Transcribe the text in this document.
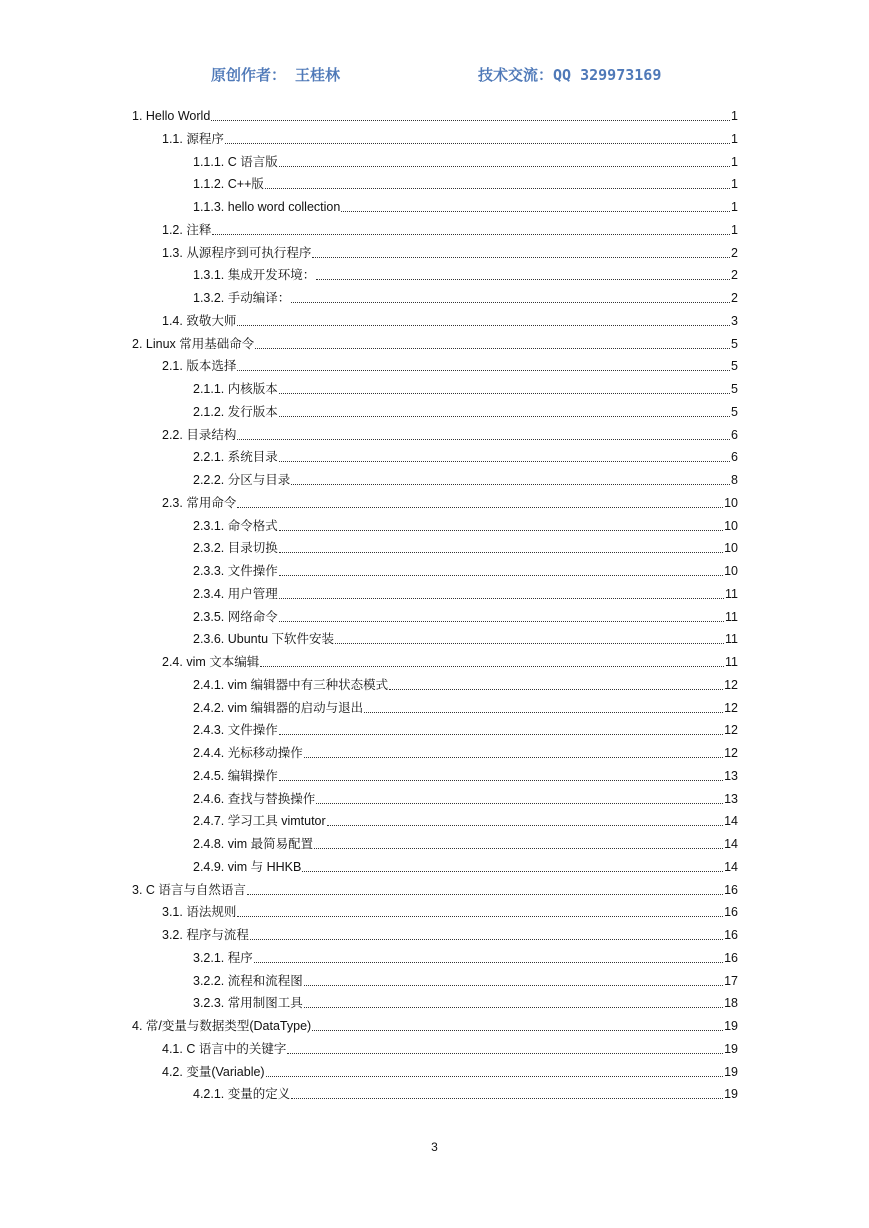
原创作者： 王桂林	技术交流：QQ 329973169
1. Hello World	1
1.1. 源程序	1
1.1.1. C 语言版	1
1.1.2. C++版	1
1.1.3. hello word collection	1
1.2. 注释	1
1.3. 从源程序到可执行程序	2
1.3.1. 集成开发环境：	2
1.3.2. 手动编译：	2
1.4. 致敬大师	3
2. Linux 常用基础命令	5
2.1. 版本选择	5
2.1.1. 内核版本	5
2.1.2. 发行版本	5
2.2. 目录结构	6
2.2.1. 系统目录	6
2.2.2. 分区与目录	8
2.3. 常用命令	10
2.3.1. 命令格式	10
2.3.2. 目录切换	10
2.3.3. 文件操作	10
2.3.4. 用户管理	11
2.3.5. 网络命令	11
2.3.6. Ubuntu 下软件安装	11
2.4. vim 文本编辑	11
2.4.1. vim 编辑器中有三种状态模式	12
2.4.2. vim 编辑器的启动与退出	12
2.4.3. 文件操作	12
2.4.4. 光标移动操作	12
2.4.5. 编辑操作	13
2.4.6. 查找与替换操作	13
2.4.7. 学习工具 vimtutor	14
2.4.8. vim 最简易配置	14
2.4.9. vim 与 HHKB	14
3. C 语言与自然语言	16
3.1. 语法规则	16
3.2. 程序与流程	16
3.2.1. 程序	16
3.2.2. 流程和流程图	17
3.2.3. 常用制图工具	18
4. 常/变量与数据类型(DataType)	19
4.1. C 语言中的关键字	19
4.2. 变量(Variable)	19
4.2.1. 变量的定义	19
3
